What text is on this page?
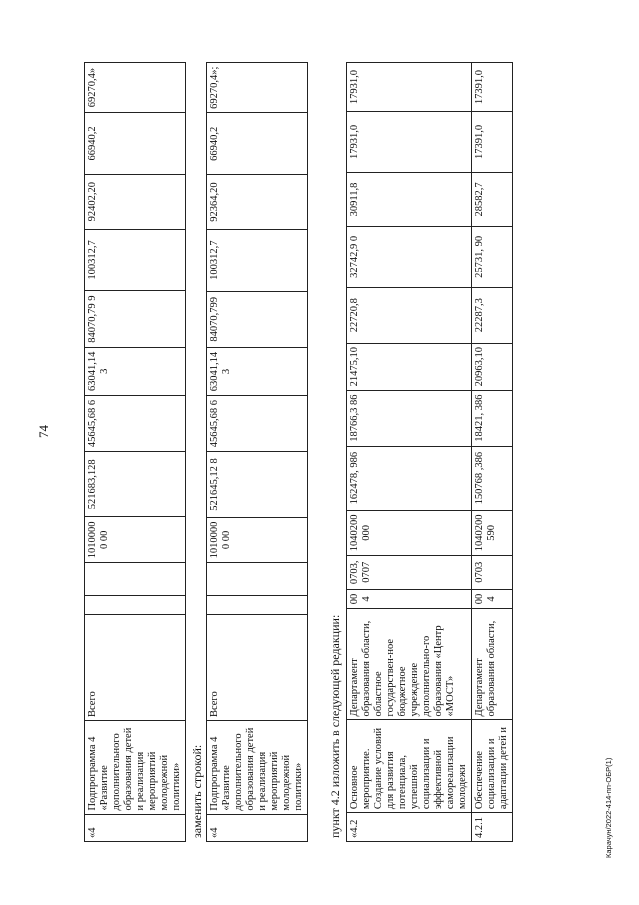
74
Карачун/2022-414-пп-ОБР(1)
«4	Подпрограмма 4 «Развитие дополнительного образования детей и реализация мероприятий молодежной политики»	Всего			10100000 00	521683,128	45645,68 6	63041,143	84070,79 9	100312,7	92402,20	66940,2	69270,4»
заменить строкой: «4	Подпрограмма 4 «Развитие дополнительного образования детей и реализация мероприятий молодежной политики»	Всего			10100000 00	521645,12 8	45645,68 6	63041,143	84070,799	100312,7	92364,20	66940,2	69270,4»;
пункт 4.2 изложить в следующей редакции: «4.2	Основное мероприятие. Создание условий для развития потенциала, успешной социализации и эффективной самореализации молодежи	Департамент образования области, областное государствен-ное бюджетное учреждение дополнительно-го образования «Центр «МОСТ»	004	0703, 0707	1040200 000	162478, 986	18766,3 86	21475,10	22720,8	32742,9 0	30911,8	17931,0	17931,0
4.2.1	Обеспечение социализации и адаптации детей и	Департамент образования области,	004	0703	1040200 590	150768 ,386	18421, 386	20963,10	22287,3	25731, 90	28582,7	17391,0	17391,0
